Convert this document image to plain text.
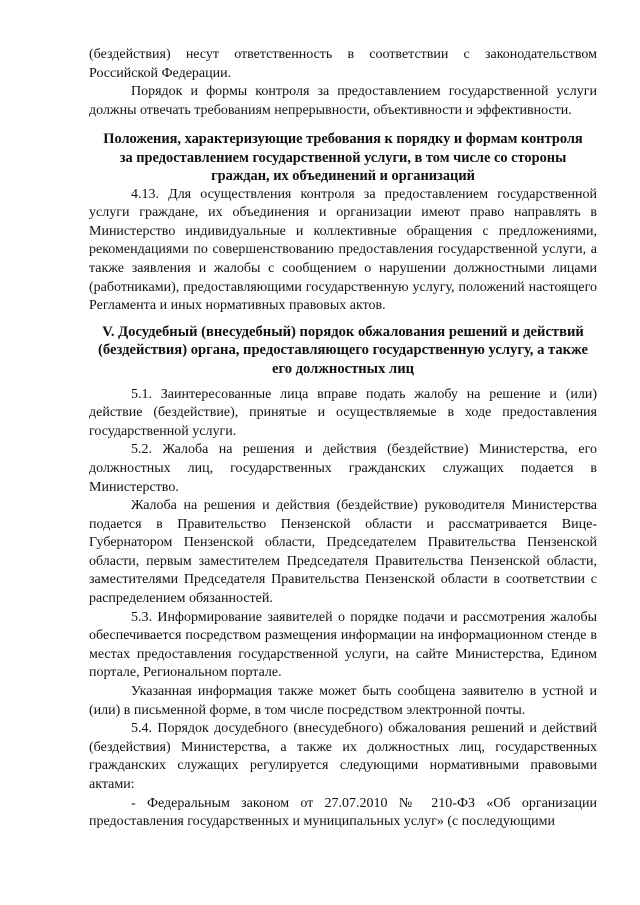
(бездействия) несут ответственность в соответствии с законодательством Российской Федерации.

Порядок и формы контроля за предоставлением государственной услуги должны отвечать требованиям непрерывности, объективности и эффективности.

Положения, характеризующие требования к порядку и формам контроля за предоставлением государственной услуги, в том числе со стороны граждан, их объединений и организаций

4.13. Для осуществления контроля за предоставлением государственной услуги граждане, их объединения и организации имеют право направлять в Министерство индивидуальные и коллективные обращения с предложениями, рекомендациями по совершенствованию предоставления государственной услуги, а также заявления и жалобы с сообщением о нарушении должностными лицами (работниками), предоставляющими государственную услугу, положений настоящего Регламента и иных нормативных правовых актов.

V. Досудебный (внесудебный) порядок обжалования решений и действий (бездействия) органа, предоставляющего государственную услугу, а также его должностных лиц

5.1. Заинтересованные лица вправе подать жалобу на решение и (или) действие (бездействие), принятые и осуществляемые в ходе предоставления государственной услуги.

5.2. Жалоба на решения и действия (бездействие) Министерства, его должностных лиц, государственных гражданских служащих подается в Министерство.

Жалоба на решения и действия (бездействие) руководителя Министерства подается в Правительство Пензенской области и рассматривается Вице-Губернатором Пензенской области, Председателем Правительства Пензенской области, первым заместителем Председателя Правительства Пензенской области, заместителями Председателя Правительства Пензенской области в соответствии с распределением обязанностей.

5.3. Информирование заявителей о порядке подачи и рассмотрения жалобы обеспечивается посредством размещения информации на информационном стенде в местах предоставления государственной услуги, на сайте Министерства, Едином портале, Региональном портале.

Указанная информация также может быть сообщена заявителю в устной и (или) в письменной форме, в том числе посредством электронной почты.

5.4. Порядок досудебного (внесудебного) обжалования решений и действий (бездействия) Министерства, а также их должностных лиц, государственных гражданских служащих регулируется следующими нормативными правовыми актами:

- Федеральным законом от 27.07.2010 № 210-ФЗ «Об организации предоставления государственных и муниципальных услуг» (с последующими
